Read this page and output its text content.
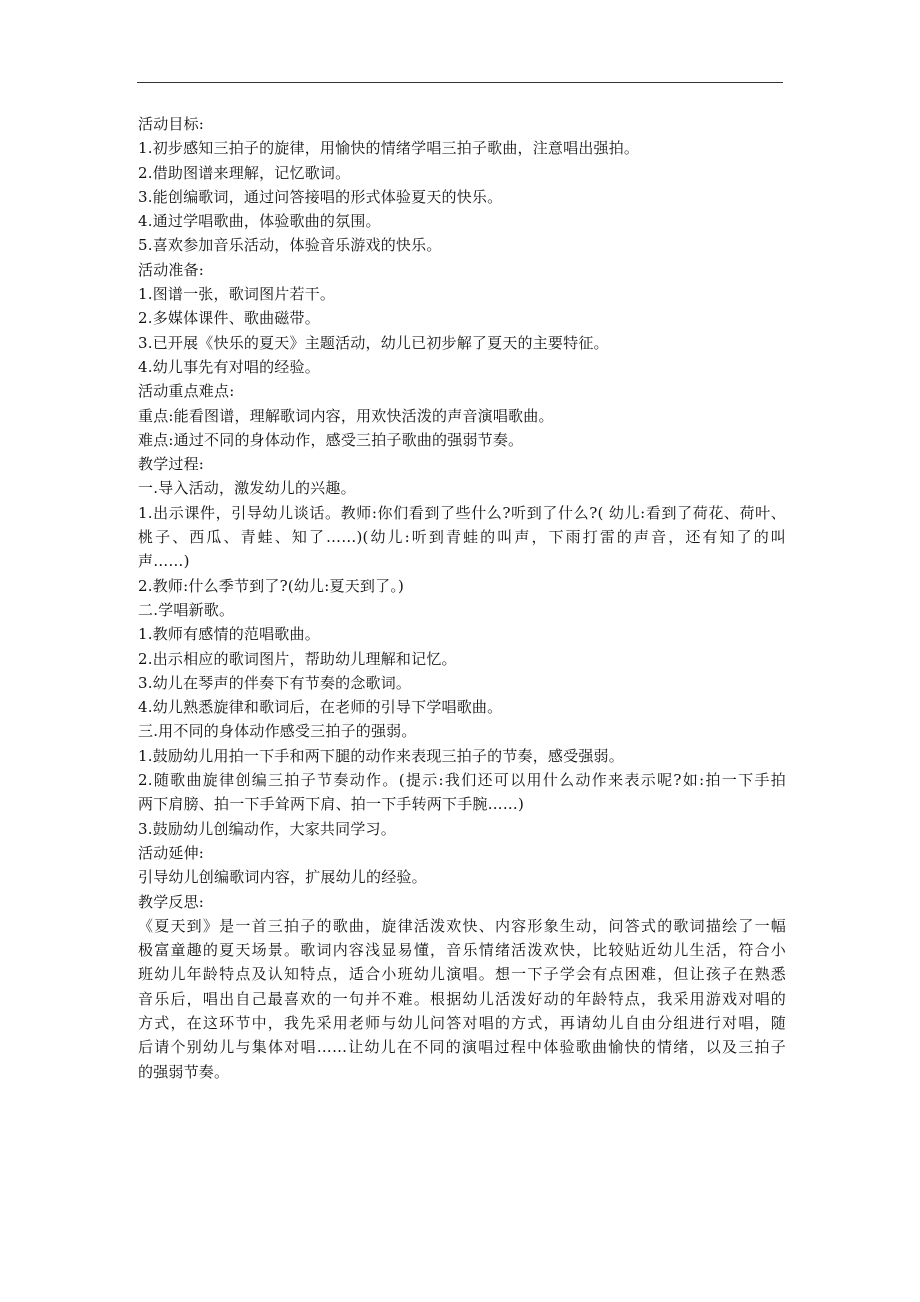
活动目标:
1.初步感知三拍子的旋律，用愉快的情绪学唱三拍子歌曲，注意唱出强拍。
2.借助图谱来理解，记忆歌词。
3.能创编歌词，通过问答接唱的形式体验夏天的快乐。
4.通过学唱歌曲，体验歌曲的氛围。
5.喜欢参加音乐活动，体验音乐游戏的快乐。
活动准备:
1.图谱一张，歌词图片若干。
2.多媒体课件、歌曲磁带。
3.已开展《快乐的夏天》主题活动，幼儿已初步解了夏天的主要特征。
4.幼儿事先有对唱的经验。
活动重点难点:
重点:能看图谱，理解歌词内容，用欢快活泼的声音演唱歌曲。
难点:通过不同的身体动作，感受三拍子歌曲的强弱节奏。
教学过程:
一.导入活动，激发幼儿的兴趣。
1.出示课件，引导幼儿谈话。教师:你们看到了些什么?听到了什么?( 幼儿:看到了荷花、荷叶、
桃子、西瓜、青蛙、知了……)(幼儿:听到青蛙的叫声，下雨打雷的声音，还有知了的叫
声……)
2.教师:什么季节到了?(幼儿:夏天到了。)
二.学唱新歌。
1.教师有感情的范唱歌曲。
2.出示相应的歌词图片，帮助幼儿理解和记忆。
3.幼儿在琴声的伴奏下有节奏的念歌词。
4.幼儿熟悉旋律和歌词后，在老师的引导下学唱歌曲。
三.用不同的身体动作感受三拍子的强弱。
1.鼓励幼儿用拍一下手和两下腿的动作来表现三拍子的节奏，感受强弱。
2.随歌曲旋律创编三拍子节奏动作。(提示:我们还可以用什么动作来表示呢?如:拍一下手拍
两下肩膀、拍一下手耸两下肩、拍一下手转两下手腕……)
3.鼓励幼儿创编动作，大家共同学习。
活动延伸:
引导幼儿创编歌词内容，扩展幼儿的经验。
教学反思:
《夏天到》是一首三拍子的歌曲，旋律活泼欢快、内容形象生动，问答式的歌词描绘了一幅
极富童趣的夏天场景。歌词内容浅显易懂，音乐情绪活泼欢快，比较贴近幼儿生活，符合小
班幼儿年龄特点及认知特点，适合小班幼儿演唱。想一下子学会有点困难，但让孩子在熟悉
音乐后，唱出自己最喜欢的一句并不难。根据幼儿活泼好动的年龄特点，我采用游戏对唱的
方式，在这环节中，我先采用老师与幼儿问答对唱的方式，再请幼儿自由分组进行对唱，随
后请个别幼儿与集体对唱……让幼儿在不同的演唱过程中体验歌曲愉快的情绪，以及三拍子
的强弱节奏。
